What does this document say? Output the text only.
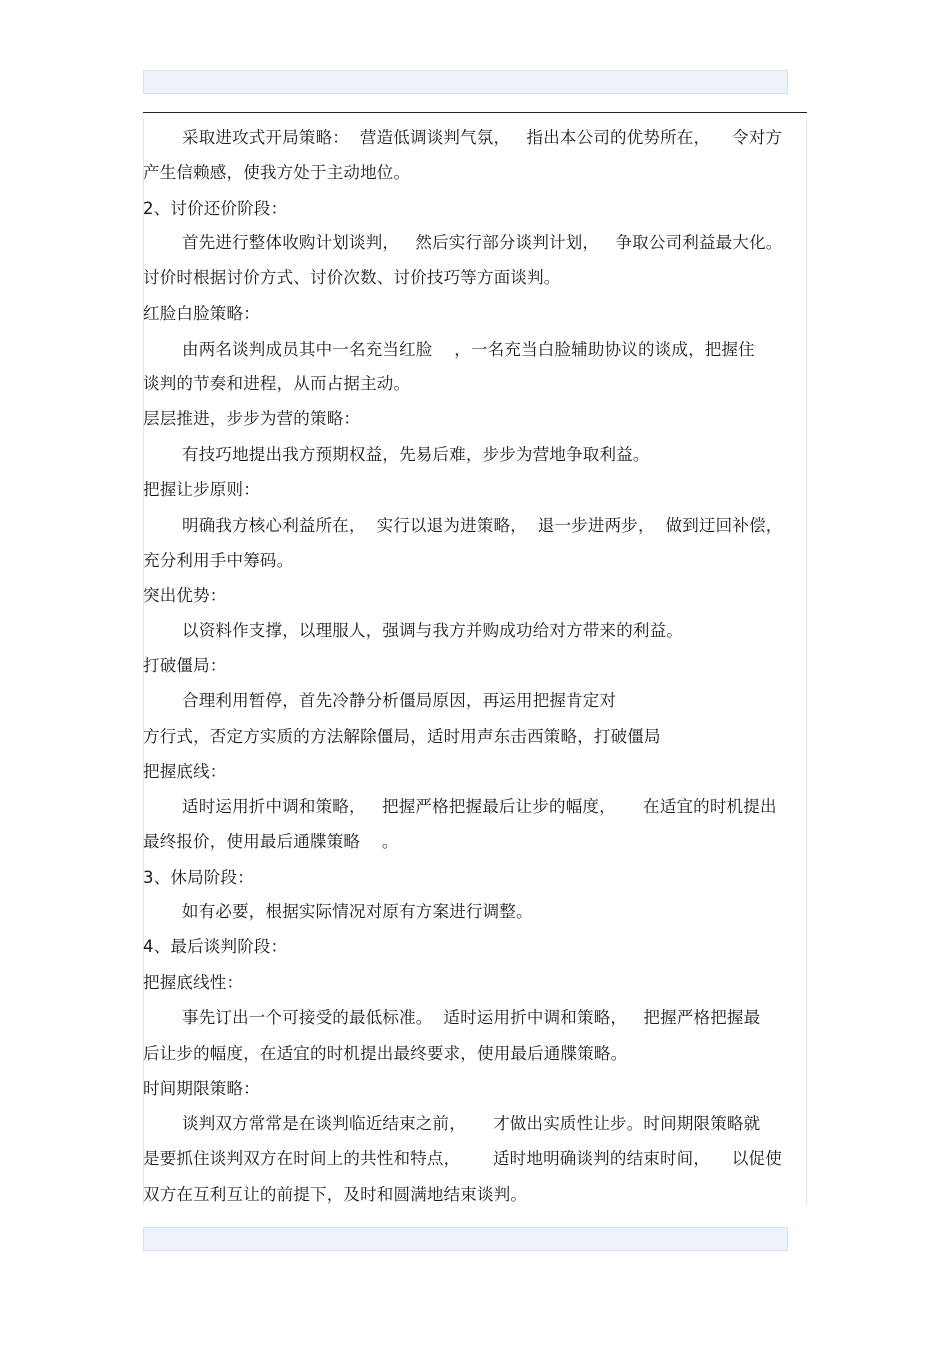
采取进攻式开局策略：  营造低调谈判气氛，   指出本公司的优势所在，    令对方
产生信赖感，使我方处于主动地位。
2、讨价还价阶段：
首先进行整体收购计划谈判，   然后实行部分谈判计划，   争取公司利益最大化。
讨价时根据讨价方式、讨价次数、讨价技巧等方面谈判。
红脸白脸策略：
由两名谈判成员其中一名充当红脸    ，一名充当白脸辅助协议的谈成，把握住
谈判的节奏和进程，从而占据主动。
层层推进，步步为营的策略：
有技巧地提出我方预期权益，先易后难，步步为营地争取利益。
把握让步原则：
明确我方核心利益所在，  实行以退为进策略，  退一步进两步，  做到迂回补偿，
充分利用手中筹码。
突出优势：
以资料作支撑，以理服人，强调与我方并购成功给对方带来的利益。
打破僵局：
合理利用暂停，首先冷静分析僵局原因，再运用把握肯定对
方行式，否定方实质的方法解除僵局，适时用声东击西策略，打破僵局
把握底线：
适时运用折中调和策略，   把握严格把握最后让步的幅度，     在适宜的时机提出
最终报价，使用最后通牒策略    。
3、休局阶段：
如有必要，根据实际情况对原有方案进行调整。
4、最后谈判阶段：
把握底线性：
事先订出一个可接受的最低标准。  适时运用折中调和策略，   把握严格把握最
后让步的幅度，在适宜的时机提出最终要求，使用最后通牒策略。
时间期限策略：
谈判双方常常是在谈判临近结束之前，     才做出实质性让步。时间期限策略就
是要抓住谈判双方在时间上的共性和特点，      适时地明确谈判的结束时间，    以促使
双方在互利互让的前提下，及时和圆满地结束谈判。
